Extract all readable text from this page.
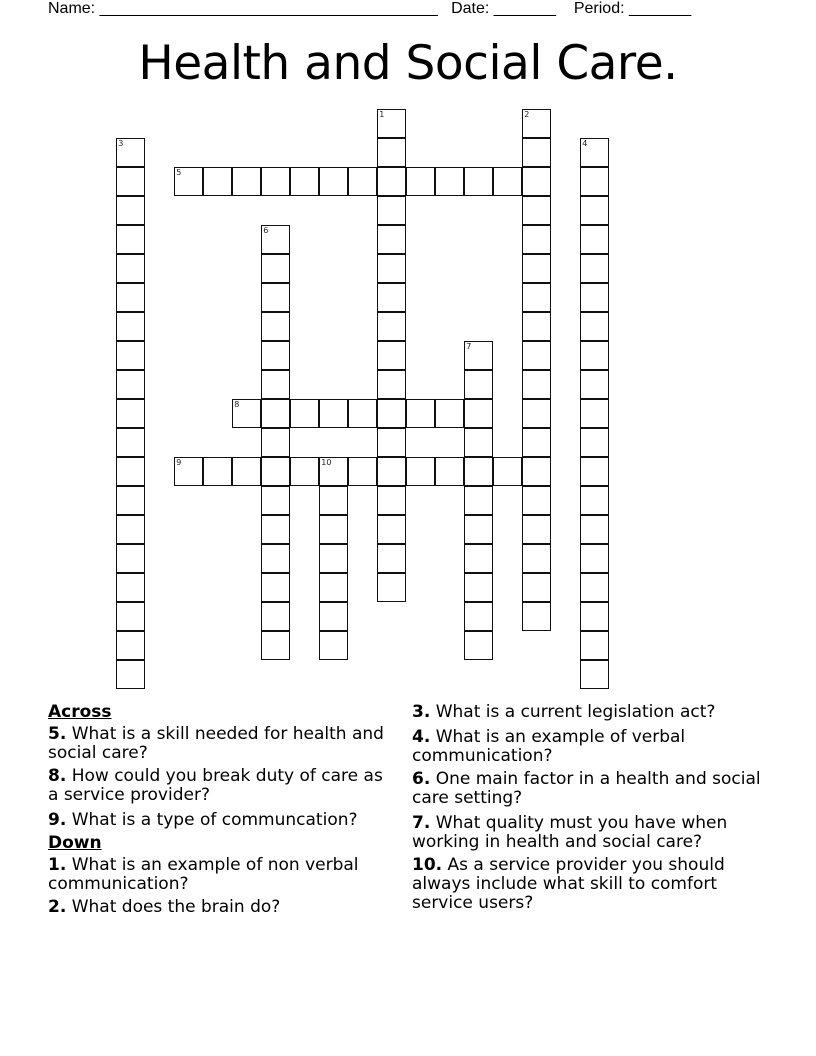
Name: ______________________________________ Date: _______ Period: _______
Health and Social Care.
1	2
3	4
5
6
7
8
9	10
Across
5. What is a skill needed for health and social care?
8. How could you break duty of care as a service provider?
9. What is a type of communcation?
Down
1. What is an example of non verbal communication?
2. What does the brain do?
3. What is a current legislation act?
4. What is an example of verbal communication?
6. One main factor in a health and social care setting?
7. What quality must you have when working in health and social care?
10. As a service provider you should always include what skill to comfort service users?
